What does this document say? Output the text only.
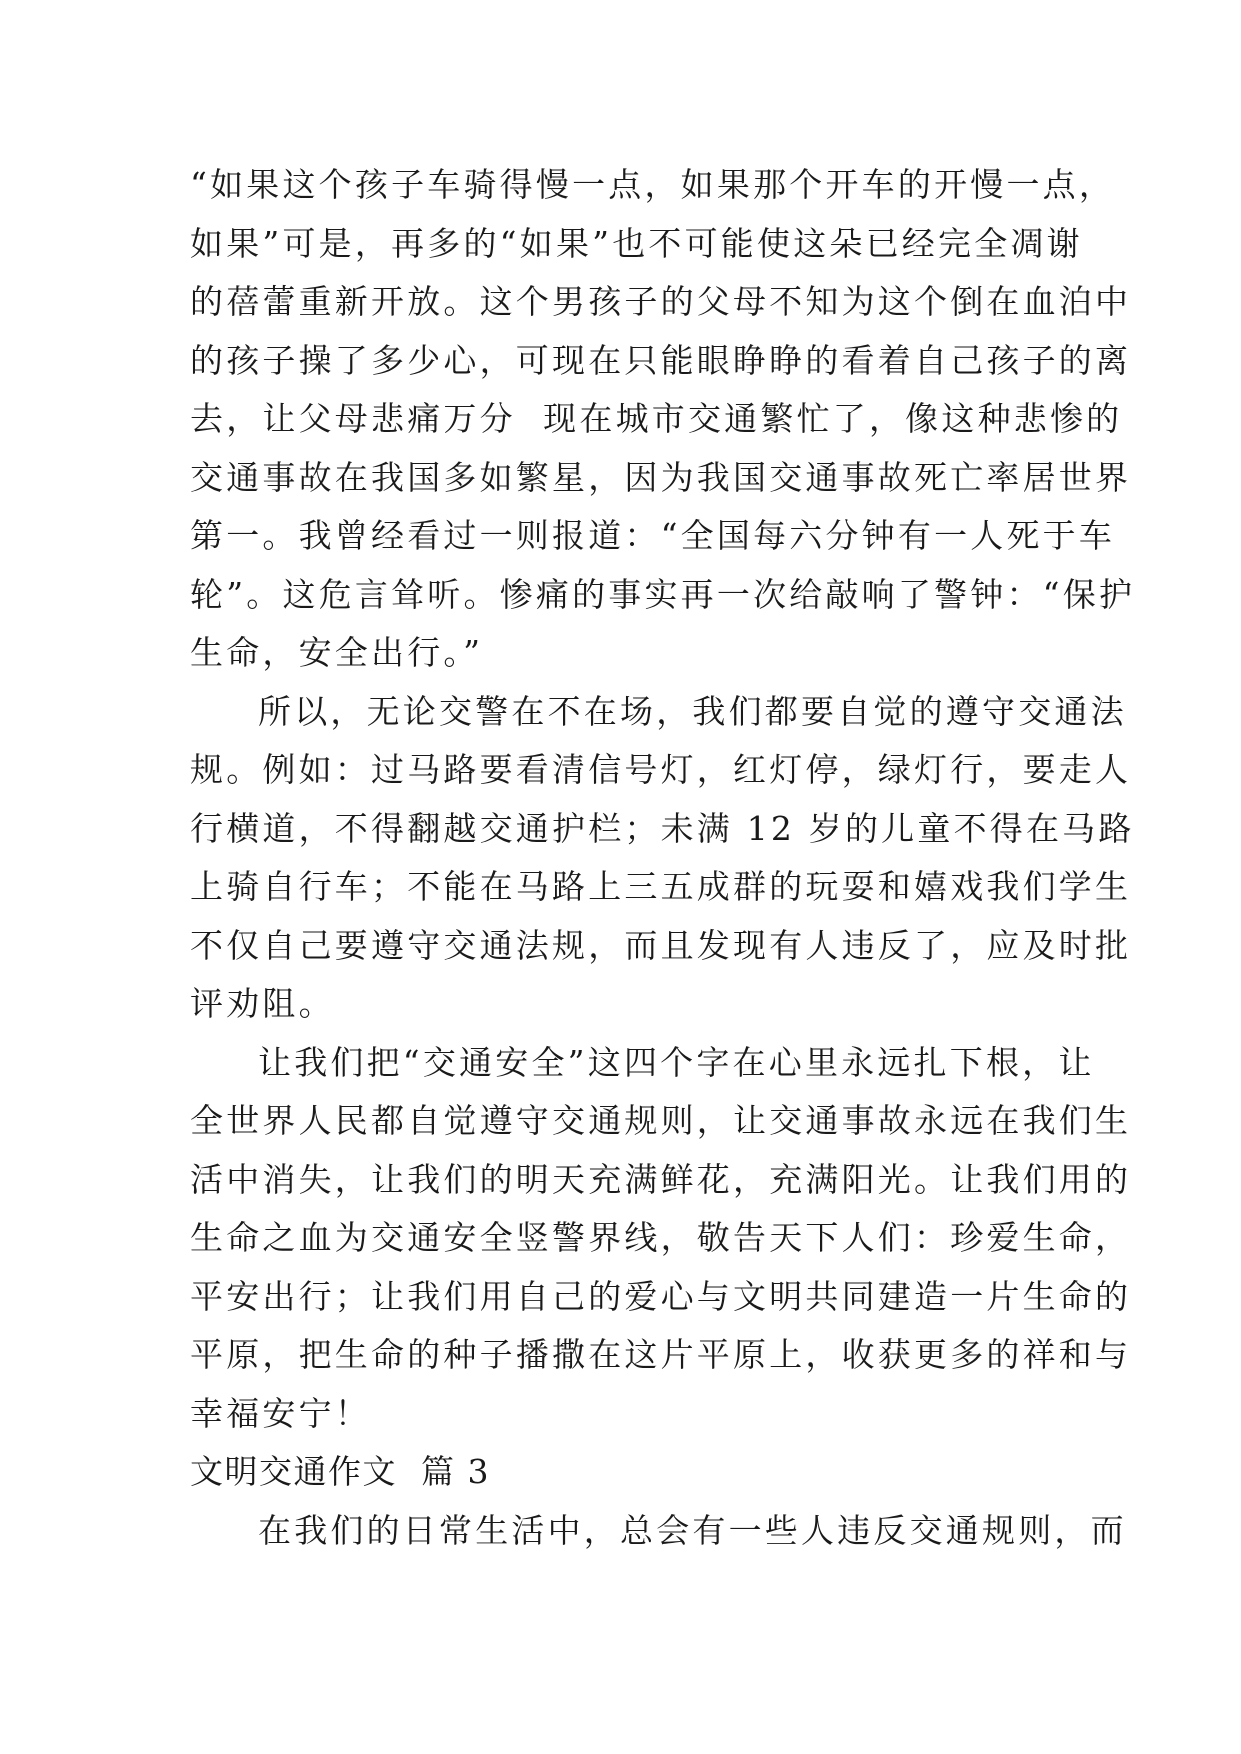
“如果这个孩子车骑得慢一点，如果那个开车的开慢一点，
如果”可是，再多的“如果”也不可能使这朵已经完全凋谢
的蓓蕾重新开放。这个男孩子的父母不知为这个倒在血泊中
的孩子操了多少心，可现在只能眼睁睁的看着自己孩子的离
去，让父母悲痛万分  现在城市交通繁忙了，像这种悲惨的
交通事故在我国多如繁星，因为我国交通事故死亡率居世界
第一。我曾经看过一则报道：“全国每六分钟有一人死于车
轮”。这危言耸听。惨痛的事实再一次给敲响了警钟：“保护
生命，安全出行。”
所以，无论交警在不在场，我们都要自觉的遵守交通法
规。例如：过马路要看清信号灯，红灯停，绿灯行，要走人
行横道，不得翻越交通护栏；未满 12 岁的儿童不得在马路
上骑自行车；不能在马路上三五成群的玩耍和嬉戏我们学生
不仅自己要遵守交通法规，而且发现有人违反了，应及时批
评劝阻。
让我们把“交通安全”这四个字在心里永远扎下根，让
全世界人民都自觉遵守交通规则，让交通事故永远在我们生
活中消失，让我们的明天充满鲜花，充满阳光。让我们用的
生命之血为交通安全竖警界线，敬告天下人们：珍爱生命，
平安出行；让我们用自己的爱心与文明共同建造一片生命的
平原，把生命的种子播撒在这片平原上，收获更多的祥和与
幸福安宁！
文明交通作文  篇 3
在我们的日常生活中，总会有一些人违反交通规则，而
